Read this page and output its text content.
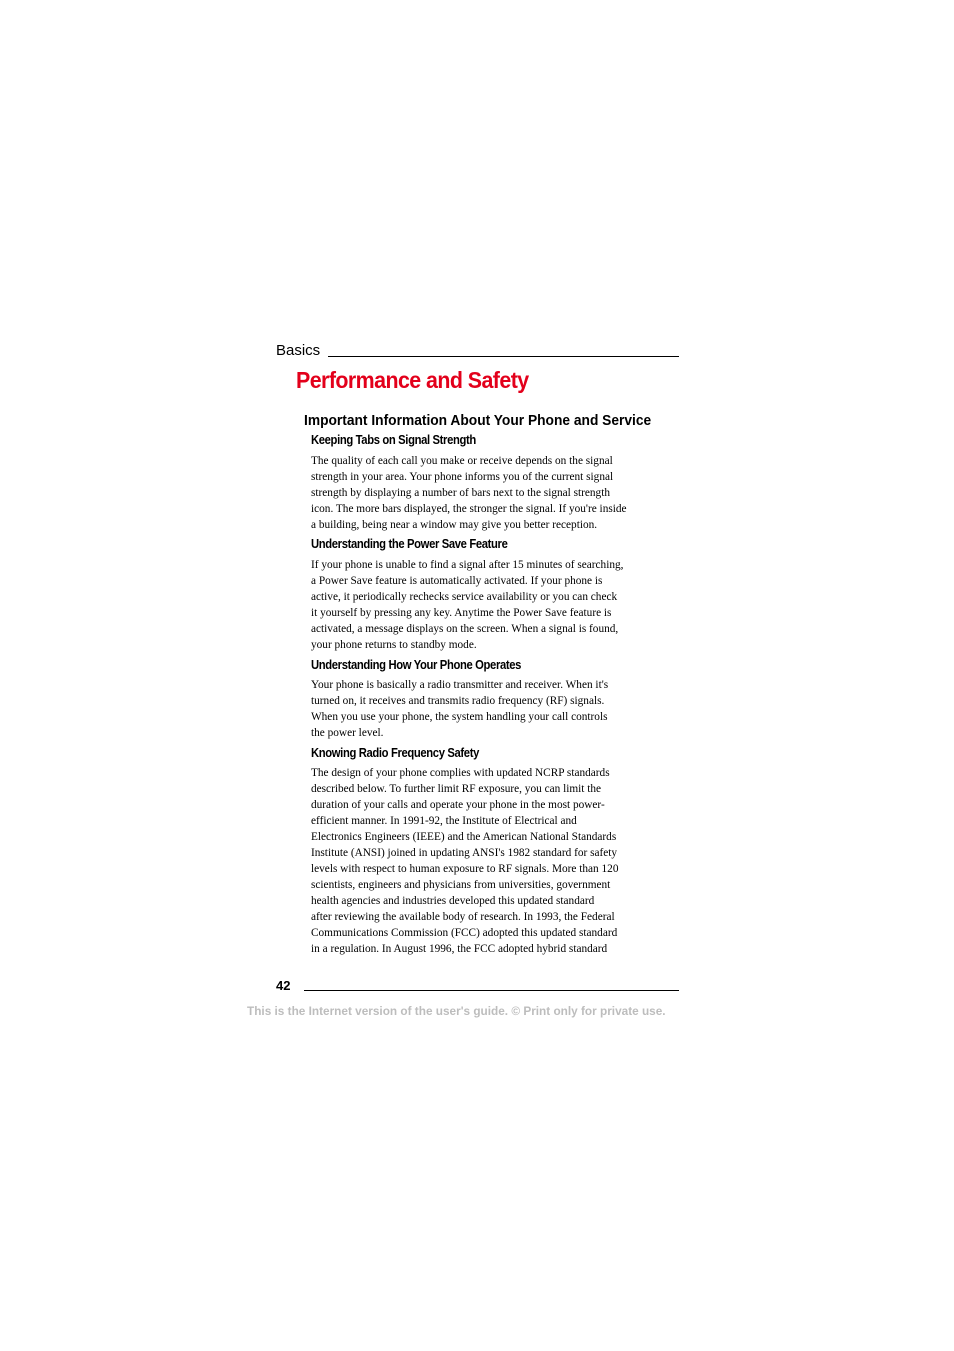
Basics
Performance and Safety
Important Information About Your Phone and Service
Keeping Tabs on Signal Strength
The quality of each call you make or receive depends on the signal
strength in your area. Your phone informs you of the current signal
strength by displaying a number of bars next to the signal strength
icon. The more bars displayed, the stronger the signal. If you're inside
a building, being near a window may give you better reception.
Understanding the Power Save Feature
If your phone is unable to find a signal after 15 minutes of searching,
a Power Save feature is automatically activated. If your phone is
active, it periodically rechecks service availability or you can check
it yourself by pressing any key. Anytime the Power Save feature is
activated, a message displays on the screen. When a signal is found,
your phone returns to standby mode.
Understanding How Your Phone Operates
Your phone is basically a radio transmitter and receiver. When it's
turned on, it receives and transmits radio frequency (RF) signals.
When you use your phone, the system handling your call controls
the power level.
Knowing Radio Frequency Safety
The design of your phone complies with updated NCRP standards
described below. To further limit RF exposure, you can limit the
duration of your calls and operate your phone in the most power-
efficient manner. In 1991-92, the Institute of Electrical and
Electronics Engineers (IEEE) and the American National Standards
Institute (ANSI) joined in updating ANSI's 1982 standard for safety
levels with respect to human exposure to RF signals. More than 120
scientists, engineers and physicians from universities, government
health agencies and industries developed this updated standard
after reviewing the available body of research. In 1993, the Federal
Communications Commission (FCC) adopted this updated standard
in a regulation. In August 1996, the FCC adopted hybrid standard
42
This is the Internet version of the user's guide. © Print only for private use.
